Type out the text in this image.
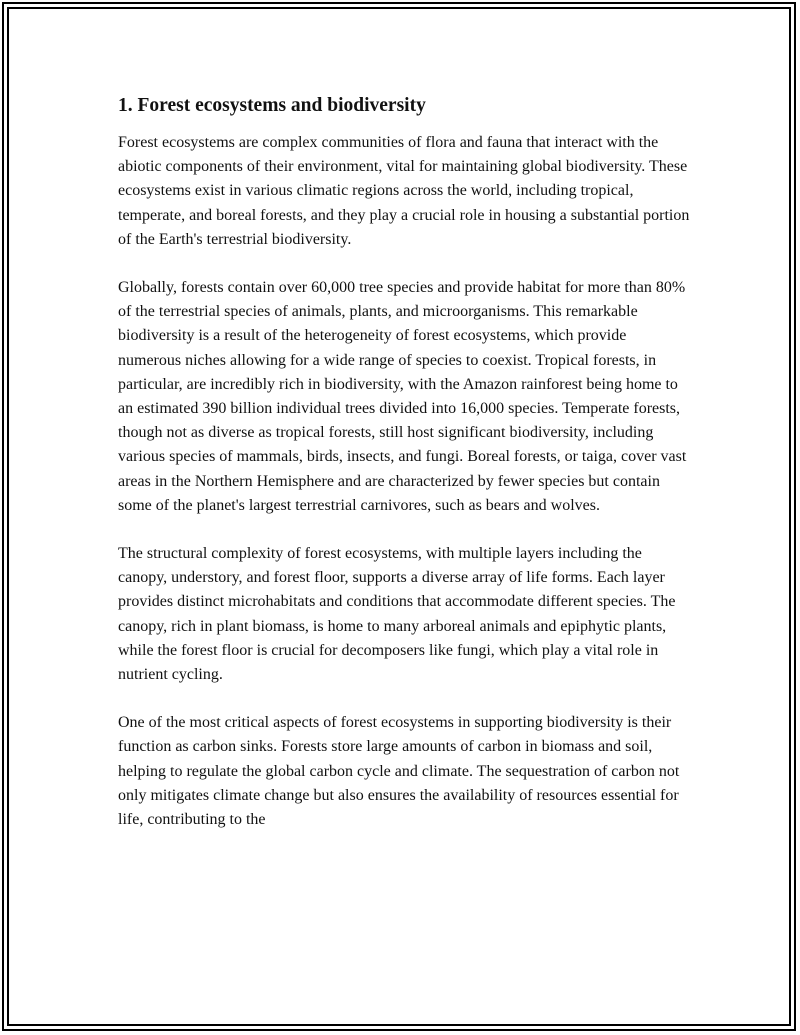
1. Forest ecosystems and biodiversity

Forest ecosystems are complex communities of flora and fauna that interact with the abiotic components of their environment, vital for maintaining global biodiversity. These ecosystems exist in various climatic regions across the world, including tropical, temperate, and boreal forests, and they play a crucial role in housing a substantial portion of the Earth's terrestrial biodiversity.

Globally, forests contain over 60,000 tree species and provide habitat for more than 80% of the terrestrial species of animals, plants, and microorganisms. This remarkable biodiversity is a result of the heterogeneity of forest ecosystems, which provide numerous niches allowing for a wide range of species to coexist. Tropical forests, in particular, are incredibly rich in biodiversity, with the Amazon rainforest being home to an estimated 390 billion individual trees divided into 16,000 species. Temperate forests, though not as diverse as tropical forests, still host significant biodiversity, including various species of mammals, birds, insects, and fungi. Boreal forests, or taiga, cover vast areas in the Northern Hemisphere and are characterized by fewer species but contain some of the planet's largest terrestrial carnivores, such as bears and wolves.

The structural complexity of forest ecosystems, with multiple layers including the canopy, understory, and forest floor, supports a diverse array of life forms. Each layer provides distinct microhabitats and conditions that accommodate different species. The canopy, rich in plant biomass, is home to many arboreal animals and epiphytic plants, while the forest floor is crucial for decomposers like fungi, which play a vital role in nutrient cycling.

One of the most critical aspects of forest ecosystems in supporting biodiversity is their function as carbon sinks. Forests store large amounts of carbon in biomass and soil, helping to regulate the global carbon cycle and climate. The sequestration of carbon not only mitigates climate change but also ensures the availability of resources essential for life, contributing to the
